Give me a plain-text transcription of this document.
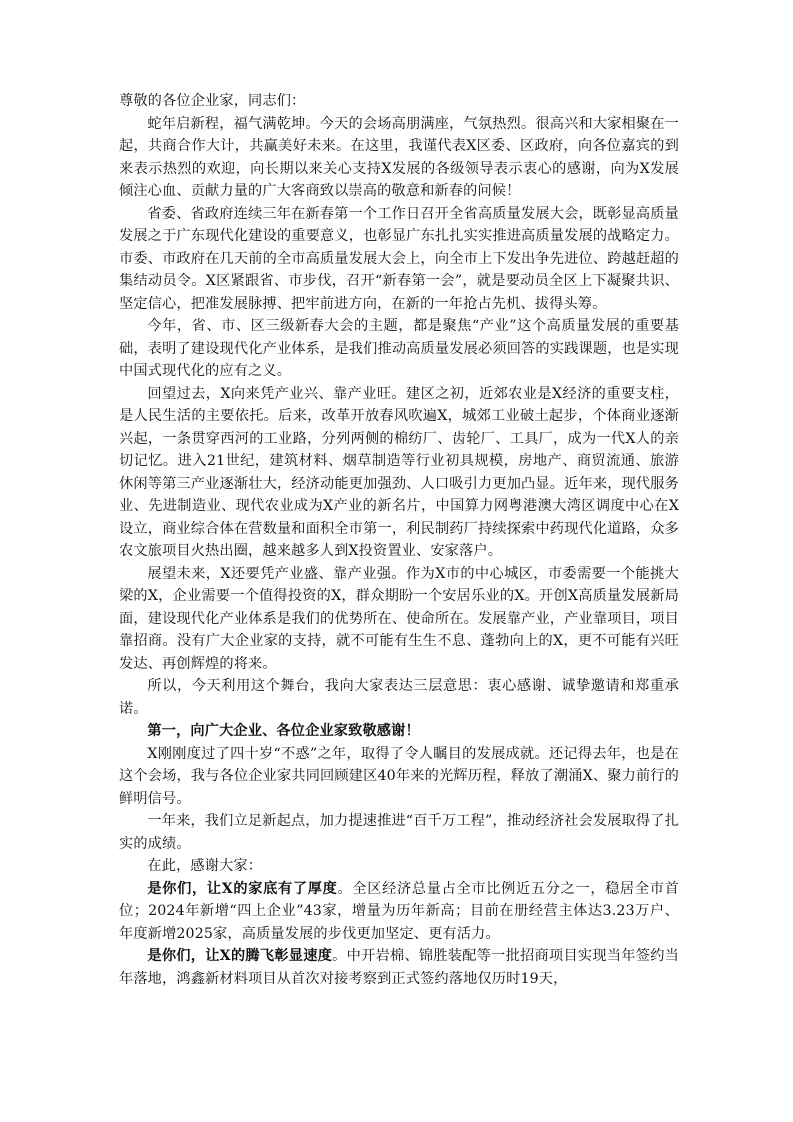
尊敬的各位企业家，同志们：

蛇年启新程，福气满乾坤。今天的会场高朋满座，气氛热烈。很高兴和大家相聚在一起，共商合作大计，共赢美好未来。在这里，我谨代表X区委、区政府，向各位嘉宾的到来表示热烈的欢迎，向长期以来关心支持X发展的各级领导表示衷心的感谢，向为X发展倾注心血、贡献力量的广大客商致以崇高的敬意和新春的问候！

省委、省政府连续三年在新春第一个工作日召开全省高质量发展大会，既彰显高质量发展之于广东现代化建设的重要意义，也彰显广东扎扎实实推进高质量发展的战略定力。市委、市政府在几天前的全市高质量发展大会上，向全市上下发出争先进位、跨越赶超的集结动员令。X区紧跟省、市步伐，召开“新春第一会”，就是要动员全区上下凝聚共识、坚定信心，把准发展脉搏、把牢前进方向，在新的一年抢占先机、拔得头筹。

今年，省、市、区三级新春大会的主题，都是聚焦“产业”这个高质量发展的重要基础，表明了建设现代化产业体系，是我们推动高质量发展必须回答的实践课题，也是实现中国式现代化的应有之义。

回望过去，X向来凭产业兴、靠产业旺。建区之初，近郊农业是X经济的重要支柱，是人民生活的主要依托。后来，改革开放春风吹遍X，城郊工业破土起步，个体商业逐渐兴起，一条贯穿西河的工业路，分列两侧的棉纺厂、齿轮厂、工具厂，成为一代X人的亲切记忆。进入21世纪，建筑材料、烟草制造等行业初具规模，房地产、商贸流通、旅游休闲等第三产业逐渐壮大，经济动能更加强劲、人口吸引力更加凸显。近年来，现代服务业、先进制造业、现代农业成为X产业的新名片，中国算力网粤港澳大湾区调度中心在X设立，商业综合体在营数量和面积全市第一，利民制药厂持续探索中药现代化道路，众多农文旅项目火热出圈，越来越多人到X投资置业、安家落户。

展望未来，X还要凭产业盛、靠产业强。作为X市的中心城区，市委需要一个能挑大梁的X，企业需要一个值得投资的X，群众期盼一个安居乐业的X。开创X高质量发展新局面，建设现代化产业体系是我们的优势所在、使命所在。发展靠产业，产业靠项目，项目靠招商。没有广大企业家的支持，就不可能有生生不息、蓬勃向上的X，更不可能有兴旺发达、再创辉煌的将来。

所以，今天利用这个舞台，我向大家表达三层意思：衷心感谢、诚挚邀请和郑重承诺。

第一，向广大企业、各位企业家致敬感谢！

X刚刚度过了四十岁“不惑”之年，取得了令人瞩目的发展成就。还记得去年，也是在这个会场，我与各位企业家共同回顾建区40年来的光辉历程，释放了潮涌X、聚力前行的鲜明信号。

一年来，我们立足新起点，加力提速推进“百千万工程”，推动经济社会发展取得了扎实的成绩。

在此，感谢大家：

是你们，让X的家底有了厚度。全区经济总量占全市比例近五分之一，稳居全市首位；2024年新增“四上企业”43家，增量为历年新高；目前在册经营主体达3.23万户、年度新增2025家，高质量发展的步伐更加坚定、更有活力。

是你们，让X的腾飞彰显速度。中开岩棉、锦胜装配等一批招商项目实现当年签约当年落地，鸿鑫新材料项目从首次对接考察到正式签约落地仅历时19天，
